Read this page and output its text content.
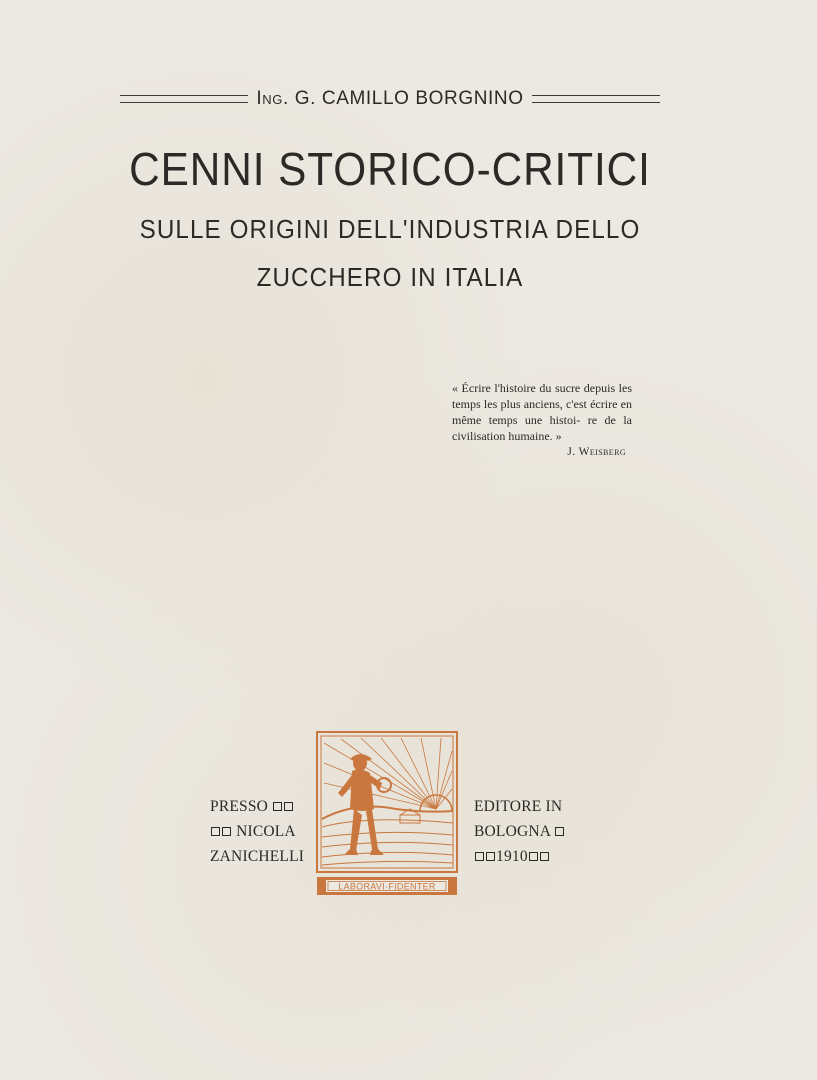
Ing. G. CAMILLO BORGNINO
CENNI STORICO-CRITICI
SULLE ORIGINI DELL'INDUSTRIA DELLO
ZUCCHERO IN ITALIA
« Écrire l'histoire du sucre depuis les temps les plus anciens, c'est écrire en même temps une histoi- re de la civilisation humaine. »
J. Weisberg
PRESSO
NICOLA
ZANICHELLI
LABORAVI·FIDENTER
EDITORE IN
BOLOGNA
1910
